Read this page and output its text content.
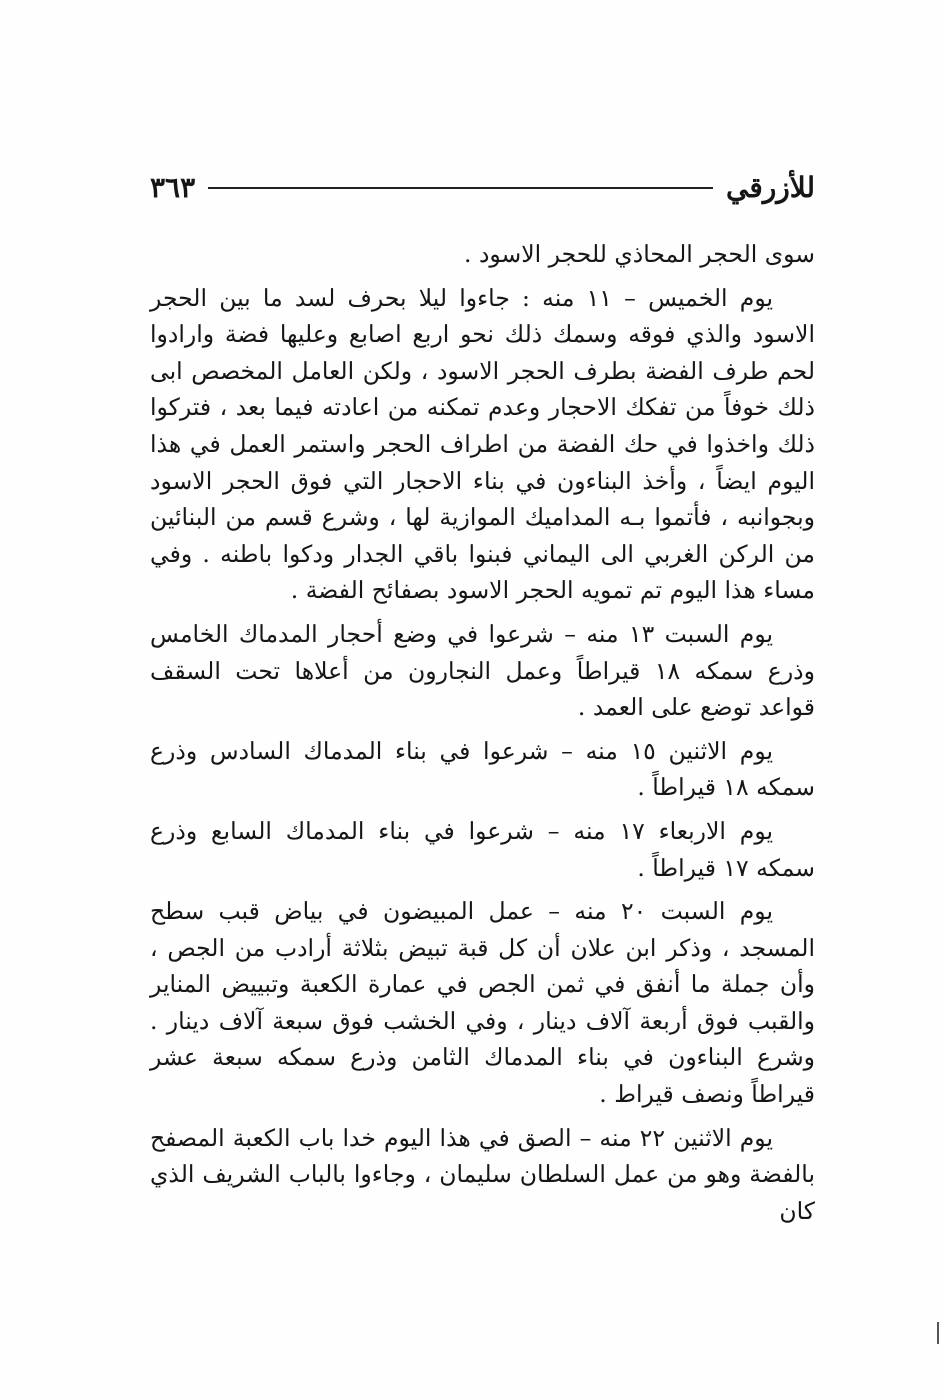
٣٦٣	للأزرقي

سوى الحجر المحاذي للحجر الاسود .

يوم الخميس – ١١ منه : جاءوا ليلا بحرف لسد ما بين الحجر الاسود والذي فوقه وسمك ذلك نحو اربع اصابع وعليها فضة وارادوا لحم طرف الفضة بطرف الحجر الاسود ، ولكن العامل المخصص ابى ذلك خوفاً من تفكك الاحجار وعدم تمكنه من اعادته فيما بعد ، فتركوا ذلك واخذوا في حك الفضة من اطراف الحجر واستمر العمل في هذا اليوم ايضاً ، وأخذ البناءون في بناء الاحجار التي فوق الحجر الاسود وبجوانبه ، فأتموا بـه المداميك الموازية لها ، وشرع قسم من البنائين من الركن الغربي الى اليماني فبنوا باقي الجدار ودكوا باطنه . وفي مساء هذا اليوم تم تمويه الحجر الاسود بصفائح الفضة .

يوم السبت ١٣ منه – شرعوا في وضع أحجار المدماك الخامس وذرع سمكه ١٨ قيراطاً وعمل النجارون من أعلاها تحت السقف قواعد توضع على العمد .

يوم الاثنين ١٥ منه – شرعوا في بناء المدماك السادس وذرع سمكه ١٨ قيراطاً .

يوم الاربعاء ١٧ منه – شرعوا في بناء المدماك السابع وذرع سمكه ١٧ قيراطاً .

يوم السبت ٢٠ منه – عمل المبيضون في بياض قبب سطح المسجد ، وذكر ابن علان أن كل قبة تبيض بثلاثة أرادب من الجص ، وأن جملة ما أنفق في ثمن الجص في عمارة الكعبة وتبييض المناير والقبب فوق أربعة آلاف دينار ، وفي الخشب فوق سبعة آلاف دينار . وشرع البناءون في بناء المدماك الثامن وذرع سمكه سبعة عشر قيراطاً ونصف قيراط .

يوم الاثنين ٢٢ منه – الصق في هذا اليوم خدا باب الكعبة المصفح بالفضة وهو من عمل السلطان سليمان ، وجاءوا بالباب الشريف الذي كان
